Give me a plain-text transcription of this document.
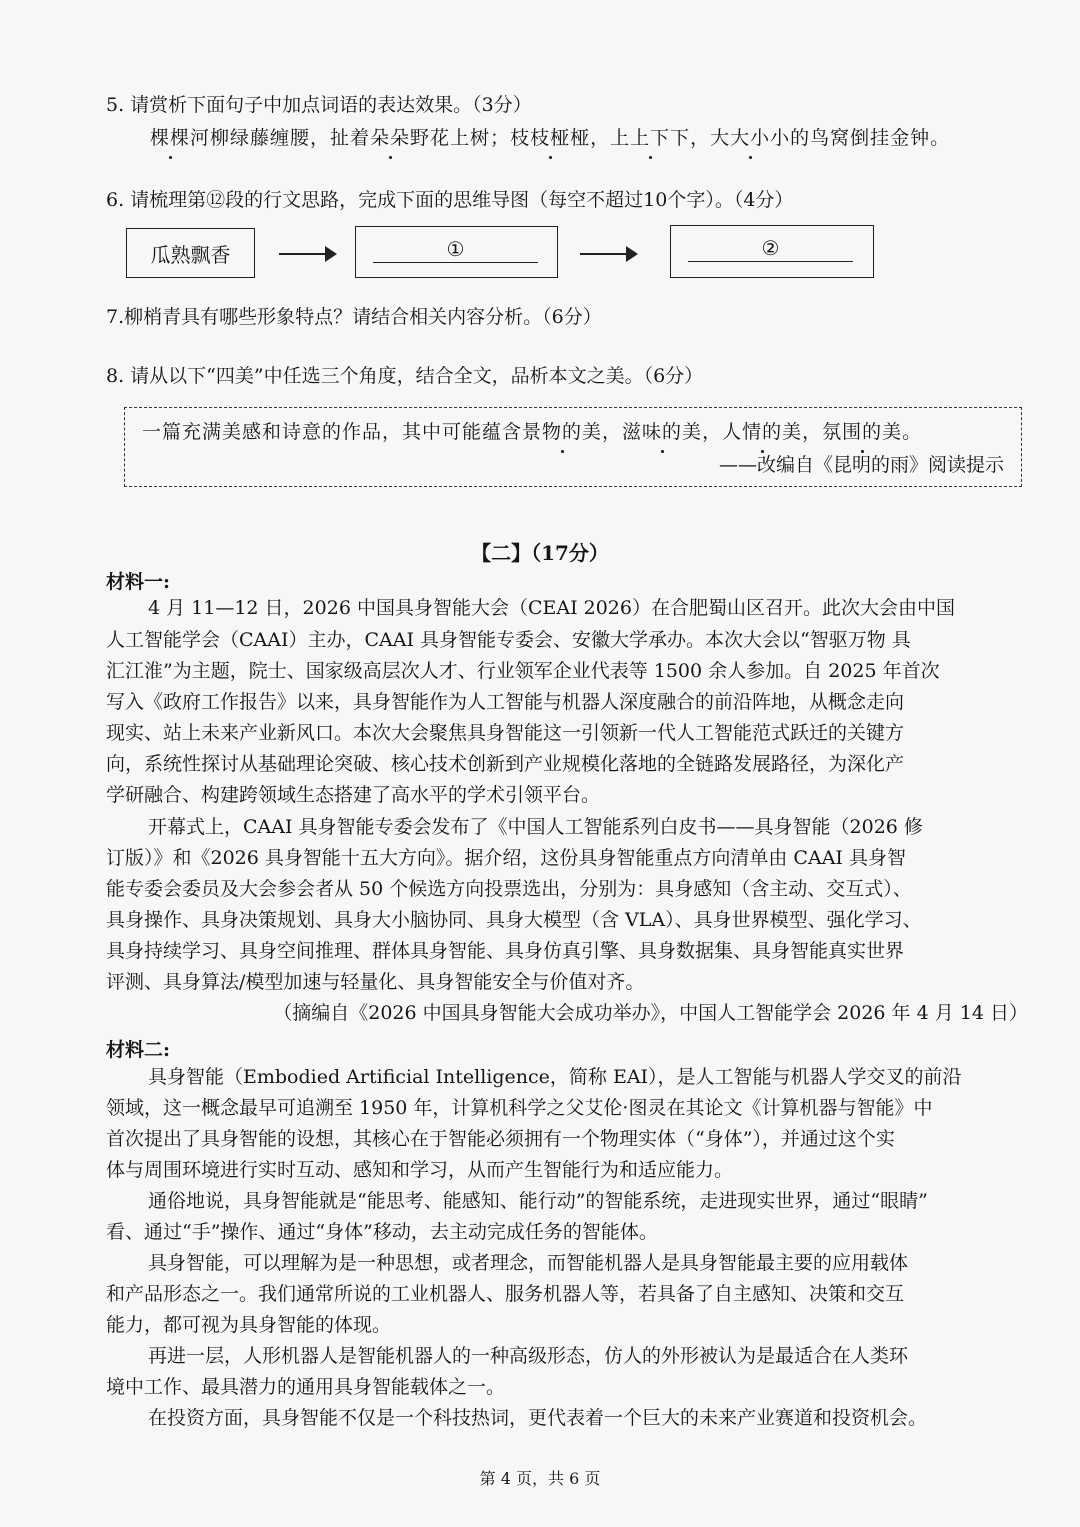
5. 请赏析下面句子中加点词语的表达效果。（3分）
棵棵河柳绿藤缠腰，扯着朵朵野花上树；枝枝桠桠，上上下下，大大小小的鸟窝倒挂金钟。
6. 请梳理第⑫段的行文思路，完成下面的思维导图（每空不超过10个字）。（4分）
瓜熟飘香	①	②
7.柳梢青具有哪些形象特点？请结合相关内容分析。（6分）
8. 请从以下“四美”中任选三个角度，结合全文，品析本文之美。（6分）
一篇充满美感和诗意的作品，其中可能蕴含景物的美，滋味的美，人情的美，氛围的美。
——改编自《昆明的雨》阅读提示
【二】（17分）
材料一:
4 月 11—12 日，2026 中国具身智能大会（CEAI 2026）在合肥蜀山区召开。此次大会由中国
人工智能学会（CAAI）主办，CAAI 具身智能专委会、安徽大学承办。本次大会以“智驱万物 具
汇江淮”为主题，院士、国家级高层次人才、行业领军企业代表等 1500 余人参加。自 2025 年首次
写入《政府工作报告》以来，具身智能作为人工智能与机器人深度融合的前沿阵地，从概念走向
现实、站上未来产业新风口。本次大会聚焦具身智能这一引领新一代人工智能范式跃迁的关键方
向，系统性探讨从基础理论突破、核心技术创新到产业规模化落地的全链路发展路径，为深化产
学研融合、构建跨领域生态搭建了高水平的学术引领平台。
开幕式上，CAAI 具身智能专委会发布了《中国人工智能系列白皮书——具身智能（2026 修
订版）》和《2026 具身智能十五大方向》。据介绍，这份具身智能重点方向清单由 CAAI 具身智
能专委会委员及大会参会者从 50 个候选方向投票选出，分别为：具身感知（含主动、交互式）、
具身操作、具身决策规划、具身大小脑协同、具身大模型（含 VLA）、具身世界模型、强化学习、
具身持续学习、具身空间推理、群体具身智能、具身仿真引擎、具身数据集、具身智能真实世界
评测、具身算法/模型加速与轻量化、具身智能安全与价值对齐。
（摘编自《2026 中国具身智能大会成功举办》，中国人工智能学会 2026 年 4 月 14 日）
材料二:
具身智能（Embodied Artificial Intelligence，简称 EAI），是人工智能与机器人学交叉的前沿
领域，这一概念最早可追溯至 1950 年，计算机科学之父艾伦·图灵在其论文《计算机器与智能》中
首次提出了具身智能的设想，其核心在于智能必须拥有一个物理实体（“身体”），并通过这个实
体与周围环境进行实时互动、感知和学习，从而产生智能行为和适应能力。
通俗地说，具身智能就是“能思考、能感知、能行动”的智能系统，走进现实世界，通过“眼睛”
看、通过“手”操作、通过“身体”移动，去主动完成任务的智能体。
具身智能，可以理解为是一种思想，或者理念，而智能机器人是具身智能最主要的应用载体
和产品形态之一。我们通常所说的工业机器人、服务机器人等，若具备了自主感知、决策和交互
能力，都可视为具身智能的体现。
再进一层，人形机器人是智能机器人的一种高级形态，仿人的外形被认为是最适合在人类环
境中工作、最具潜力的通用具身智能载体之一。
在投资方面，具身智能不仅是一个科技热词，更代表着一个巨大的未来产业赛道和投资机会。
第 4 页，共 6 页
